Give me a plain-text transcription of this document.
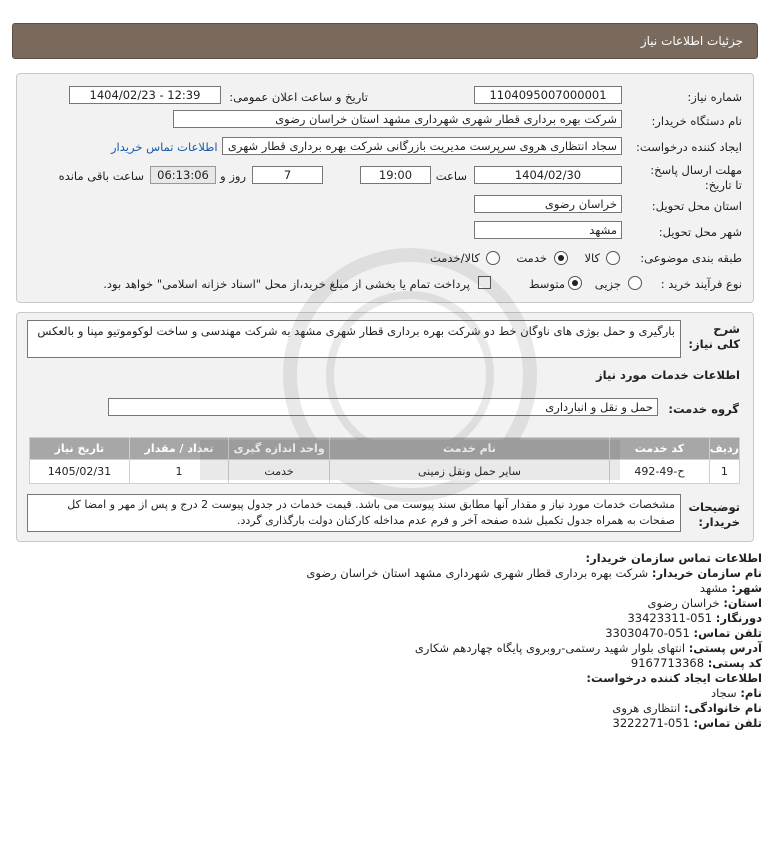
جزئیات اطلاعات نیاز
شماره نیاز:
1104095007000001
تاریخ و ساعت اعلان عمومی:
1404/02/23 - 12:39
نام دستگاه خریدار:
شرکت بهره برداری قطار شهری شهرداری مشهد استان خراسان رضوی
ایجاد کننده درخواست:
سجاد انتظاری هروی سرپرست مدیریت بازرگانی شرکت بهره برداری قطار شهری
اطلاعات تماس خریدار
مهلت ارسال پاسخ: تا تاریخ:
1404/02/30
ساعت
19:00
7
روز و
06:13:06
ساعت باقی مانده
استان محل تحویل:
خراسان رضوی
شهر محل تحویل:
مشهد
طبقه بندی موضوعی:
کالا
خدمت
کالا/خدمت
نوع فرآیند خرید :
جزیی
متوسط
پرداخت تمام یا بخشی از مبلغ خرید،از محل "اسناد خزانه اسلامی" خواهد بود.
شرح کلی نیاز:
بارگیری و حمل بوژی های ناوگان خط دو شرکت بهره برداری قطار شهری مشهد به شرکت مهندسی و ساخت لوکوموتیو مپنا و بالعکس
اطلاعات خدمات مورد نیاز
گروه خدمت:
حمل و نقل و انبارداری
ردیف	کد خدمت	نام خدمت	واحد اندازه گیری	تعداد / مقدار	تاریخ نیاز
1	ح-49-492	سایر حمل ونقل زمینی	خدمت	1	1405/02/31
توضیحات خریدار:
مشخصات خدمات مورد نیاز و مقدار آنها مطابق سند پیوست می باشد. قیمت خدمات در جدول پیوست 2 درج و پس از مهر و امضا کل صفحات به همراه جدول تکمیل شده صفحه آخر و فرم عدم مداخله کارکنان دولت بارگذاری گردد.
اطلاعات تماس سازمان خریدار:
نام سازمان خریدار: شرکت بهره برداری قطار شهری شهرداری مشهد استان خراسان رضوی
شهر: مشهد
استان: خراسان رضوی
دورنگار: 051-33423311
تلفن تماس: 051-33030470
آدرس پستی: انتهای بلوار شهید رستمی-روبروی پایگاه چهاردهم شکاری
کد پستی: 9167713368
اطلاعات ایجاد کننده درخواست:
نام: سجاد
نام خانوادگی: انتظاری هروی
تلفن تماس: 051-3222271
